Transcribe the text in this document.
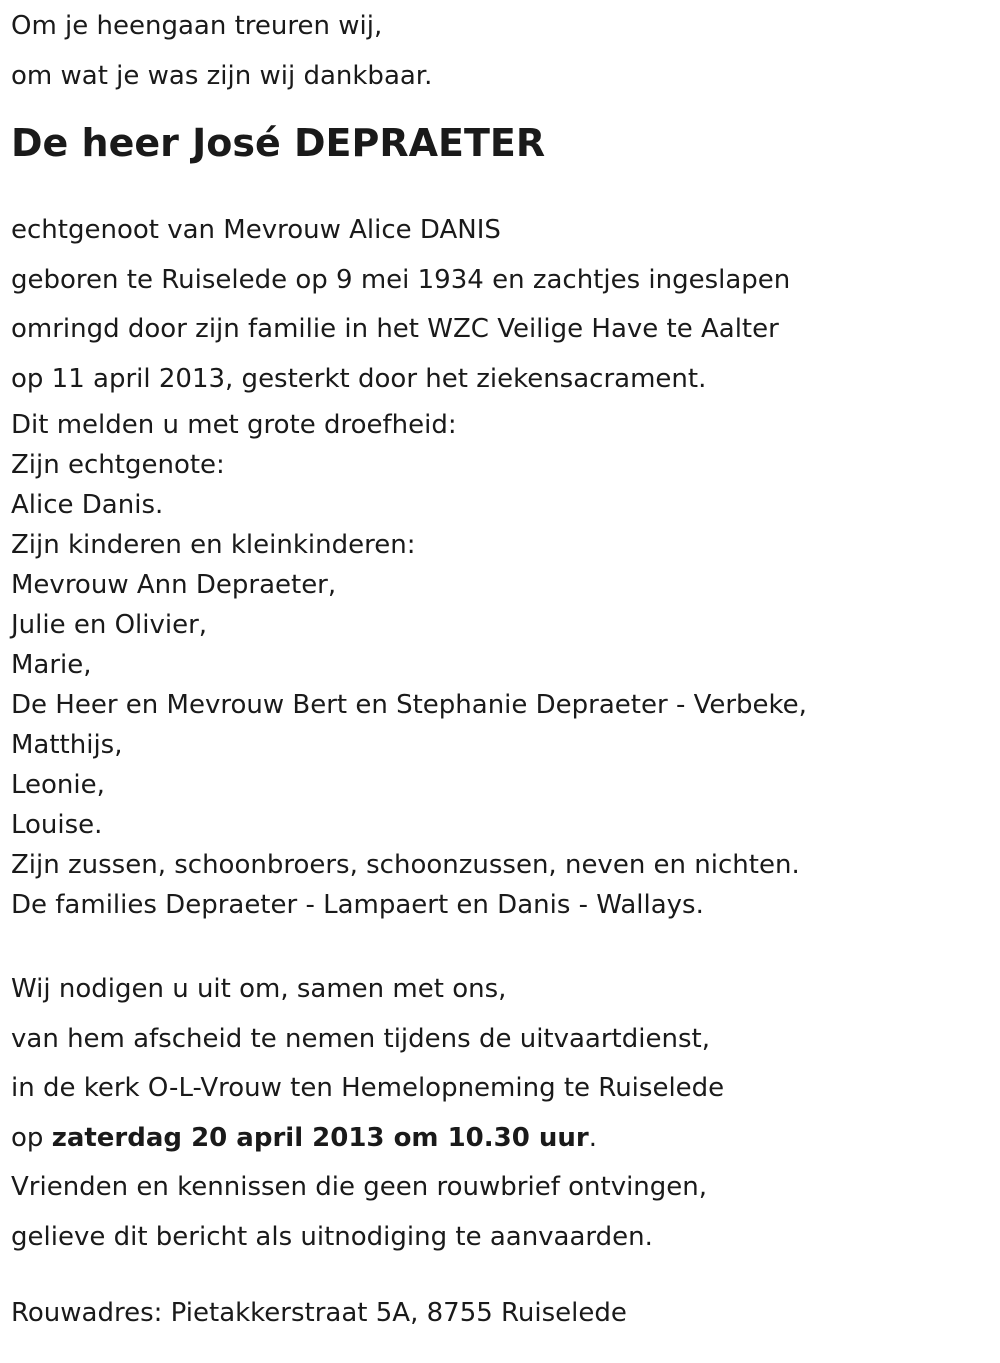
Om je heengaan treuren wij,

om wat je was zijn wij dankbaar.

De heer José DEPRAETER

echtgenoot van Mevrouw Alice DANIS

geboren te Ruiselede op 9 mei 1934 en zachtjes ingeslapen

omringd door zijn familie in het WZC Veilige Have te Aalter

op 11 april 2013, gesterkt door het ziekensacrament.

Dit melden u met grote droefheid:

Zijn echtgenote:

Alice Danis.

Zijn kinderen en kleinkinderen:

Mevrouw Ann Depraeter,

Julie en Olivier,

Marie,

De Heer en Mevrouw Bert en Stephanie Depraeter - Verbeke,

Matthijs,

Leonie,

Louise.

Zijn zussen, schoonbroers, schoonzussen, neven en nichten.

De families Depraeter - Lampaert en Danis - Wallays.

Wij nodigen u uit om, samen met ons,

van hem afscheid te nemen tijdens de uitvaartdienst,

in de kerk O-L-Vrouw ten Hemelopneming te Ruiselede

op zaterdag 20 april 2013 om 10.30 uur.

Vrienden en kennissen die geen rouwbrief ontvingen,

gelieve dit bericht als uitnodiging te aanvaarden.

Rouwadres: Pietakkerstraat 5A, 8755 Ruiselede
